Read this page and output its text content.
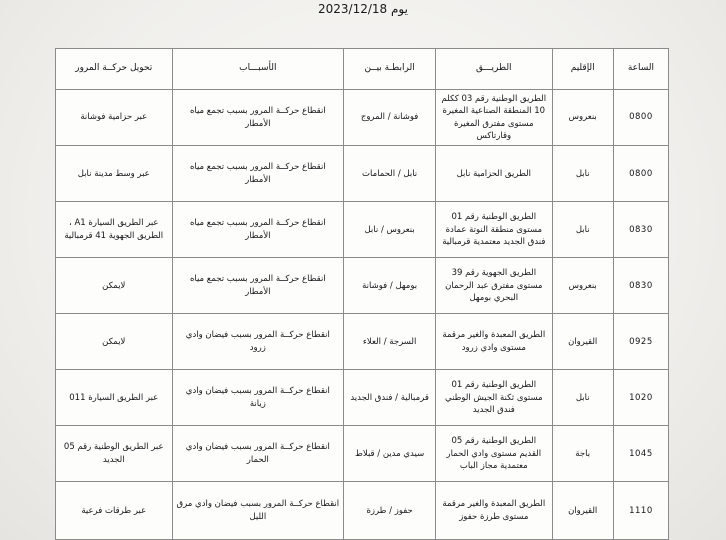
يوم 2023/12/18
الساعة	الإقليم	الطريـــق	الرابطـة بيــن	الأسبـــاب	تحويل حركــة المرور
0800	بنعروس	الطريق الوطنية رقم 03 ككلم 10 المنطقة الصناعية المغيرة مستوى مفترق المغيرة وقارتاكس	فوشانة / المروج	انقطاع حركــة المرور بسبب تجمع مياه الأمطار	عبر حزامية فوشانة
0800	نابل	الطريق الحزامية نابل	نابل / الحمامات	انقطاع حركــة المرور بسبب تجمع مياه الأمطار	عبر وسط مدينة نابل
0830	نابل	الطريق الوطنية رقم 01 مستوى منطقة النوتة عمادة فندق الجديد معتمدية قرمبالية	بنعروس / نابل	انقطاع حركــة المرور بسبب تجمع مياه الأمطار	عبر الطريق السيارة A1 ، الطريق الجهوية 41 قرمبالية
0830	بنعروس	الطريق الجهوية رقم 39 مستوى مفترق عبد الرحمان البحري بومهل	بومهل / فوشانة	انقطاع حركــة المرور بسبب تجمع مياه الأمطار	لايمكن
0925	القيروان	الطريق المعبدة والغير مرقمة مستوى وادي زرود	السرجة / العلاء	انقطاع حركــة المرور بسبب فيضان وادي زرود	لايمكن
1020	نابل	الطريق الوطنية رقم 01 مستوى ثكنة الجيش الوطني فندق الجديد	قرمبالية / فندق الجديد	انقطاع حركــة المرور بسبب فيضان وادي زيانة	عبر الطريق السيارة 011
1045	باجة	الطريق الوطنية رقم 05 القديم مستوى وادي الحمار معتمدية مجاز الباب	سيدي مدين / قبلاط	انقطاع حركــة المرور بسبب فيضان وادي الحمار	عبر الطريق الوطنية رقم 05 الجديد
1110	القيروان	الطريق المعبدة والغير مرقمة مستوى طرزة حفوز	حفوز / طرزة	انقطاع حركــة المرور بسبب فيضان وادي مرق الليل	عبر طرقات فرعية
